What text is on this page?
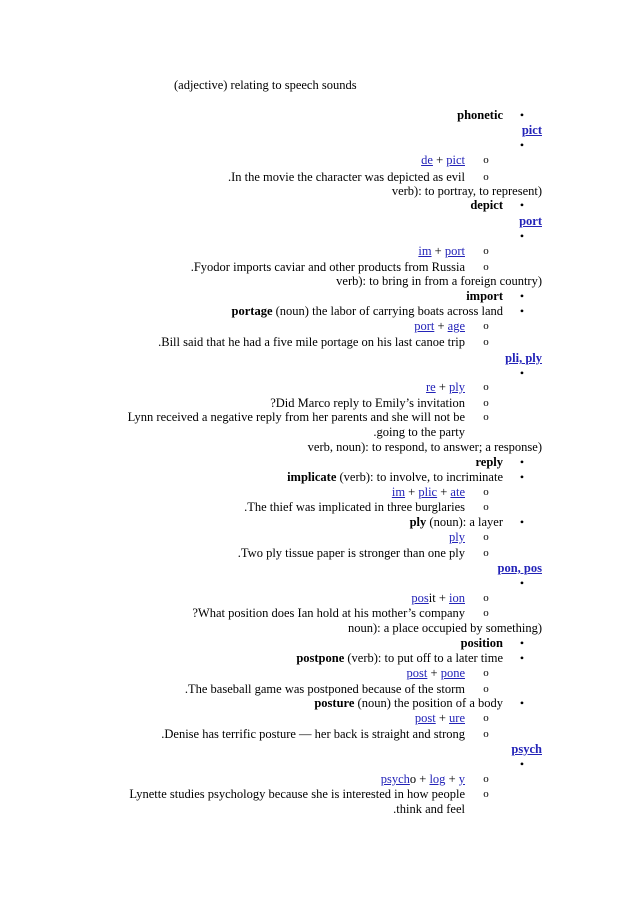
(adjective) relating to speech sounds
phonetic •
pict
•
de + pict o
.In the movie the character was depicted as evil o
verb): to portray, to represent)
depict •
port
•
im + port o
.Fyodor imports caviar and other products from Russia o
verb): to bring in from a foreign country)
import •
portage (noun) the labor of carrying boats across land •
port + age o
.Bill said that he had a five mile portage on his last canoe trip o
pli, ply
•
re + ply o
?Did Marco reply to Emily’s invitation o
Lynn received a negative reply from her parents and she will not be o
.going to the party
verb, noun): to respond, to answer; a response)
reply •
implicate (verb): to involve, to incriminate •
im + plic + ate o
.The thief was implicated in three burglaries o
ply (noun): a layer •
ply o
.Two ply tissue paper is stronger than one ply o
pon, pos
•
posit + ion o
?What position does Ian hold at his mother’s company o
noun): a place occupied by something)
position •
postpone (verb): to put off to a later time •
post + pone o
.The baseball game was postponed because of the storm o
posture (noun) the position of a body •
post + ure o
.Denise has terrific posture — her back is straight and strong o
psych
•
psycho + log + y o
Lynette studies psychology because she is interested in how people o
.think and feel
